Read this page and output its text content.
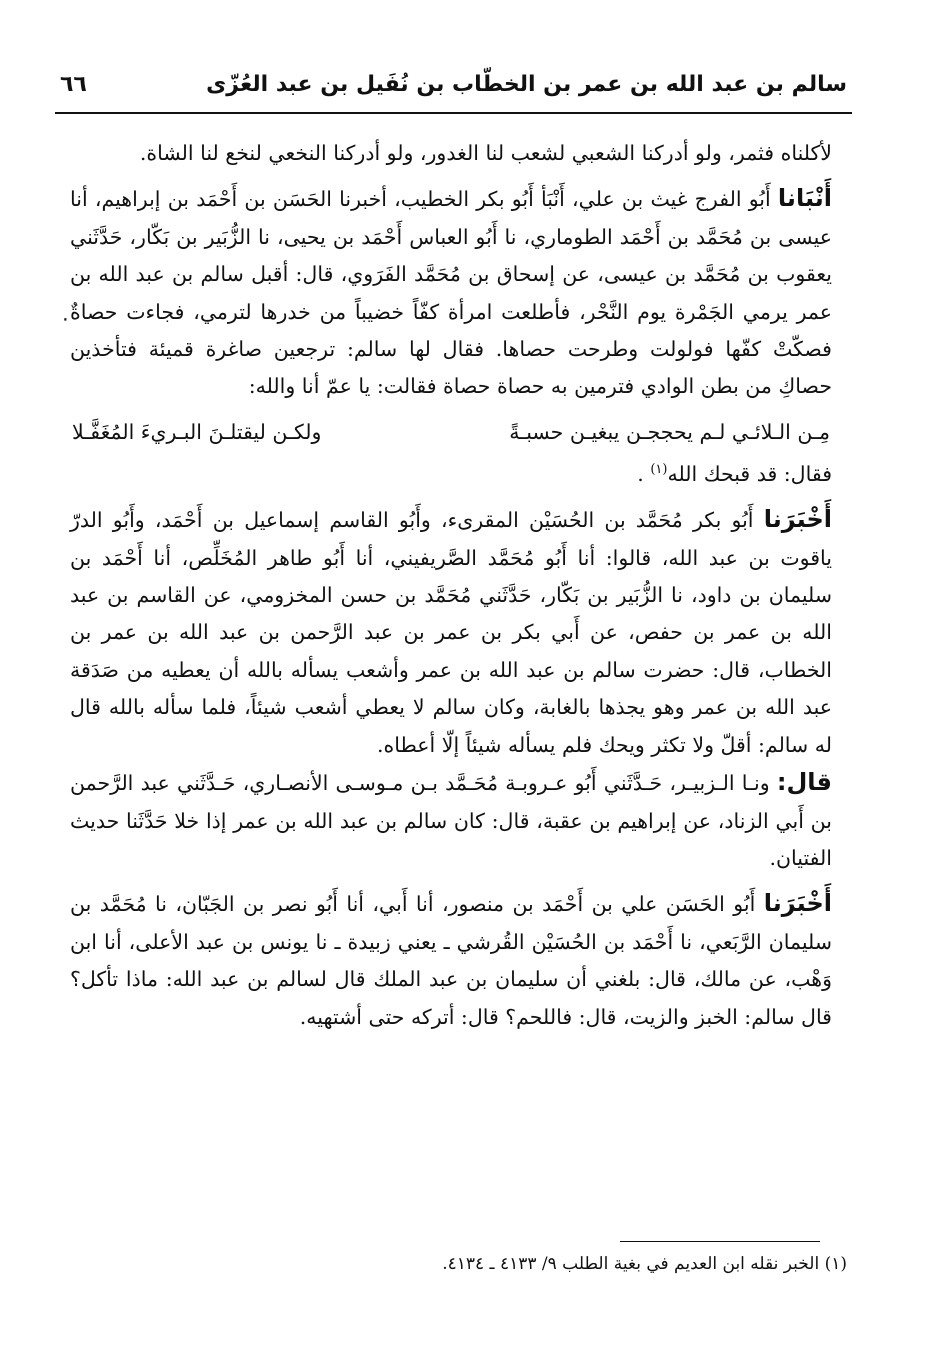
سالم بن عبد الله بن عمر بن الخطّاب بن نُفَيل بن عبد العُزّى
٦٦
٠

لأكلناه فثمر، ولو أدركنا الشعبي لشعب لنا الغدور، ولو أدركنا النخعي لنخع لنا الشاة.

أَنْبَانا أَبُو الفرج غيث بن علي، أَنْبَأ أَبُو بكر الخطيب، أخبرنا الحَسَن بن أَحْمَد بن إبراهيم، أنا عيسى بن مُحَمَّد بن أَحْمَد الطوماري، نا أَبُو العباس أَحْمَد بن يحيى، نا الزُّبَير بن بَكّار، حَدَّثَني يعقوب بن مُحَمَّد بن عيسى، عن إسحاق بن مُحَمَّد الفَرَوي، قال: أقبل سالم بن عبد الله بن عمر يرمي الجَمْرة يوم النَّحْر، فأطلعت امرأة كفّاً خضيباً من خدرها لترمي، فجاءت حصاةٌ فصكّتْ كفّها فولولت وطرحت حصاها. فقال لها سالم: ترجعين صاغرة قميئة فتأخذين حصاكِ من بطن الوادي فترمين به حصاة حصاة فقالت: يا عمّ أنا والله:

مِـن الـلائـي لـم يحججـن يبغيـن حسبـةً
ولكـن ليقتلـنَ البـريءَ المُغَفَّـلا

فقال: قد قبحك الله$^{(١)}$ .

أَخْبَرَنا أَبُو بكر مُحَمَّد بن الحُسَيْن المقرىء، وأَبُو القاسم إسماعيل بن أَحْمَد، وأَبُو الدرّ ياقوت بن عبد الله، قالوا: أنا أَبُو مُحَمَّد الصَّريفيني، أنا أَبُو طاهر المُخَلِّص، أنا أَحْمَد بن سليمان بن داود، نا الزُّبَير بن بَكّار، حَدَّثَني مُحَمَّد بن حسن المخزومي، عن القاسم بن عبد الله بن عمر بن حفص، عن أَبي بكر بن عمر بن عبد الرَّحمن بن عبد الله بن عمر بن الخطاب، قال: حضرت سالم بن عبد الله بن عمر وأشعب يسأله بالله أن يعطيه من صَدَقة عبد الله بن عمر وهو يجذها بالغابة، وكان سالم لا يعطي أشعب شيئاً، فلما سأله بالله قال له سالم: أقلّ ولا تكثر ويحك فلم يسأله شيئاً إلّا أعطاه.

قال: ونـا الـزبيـر، حَـدَّثَني أَبُو عـروبـة مُحَـمَّد بـن مـوسـى الأنصـاري، حَـدَّثَني عبد الرَّحمن بن أَبي الزناد، عن إبراهيم بن عقبة، قال: كان سالم بن عبد الله بن عمر إذا خلا حَدَّثَنا حديث الفتيان.

أَخْبَرَنا أَبُو الحَسَن علي بن أَحْمَد بن منصور، أنا أَبي، أنا أَبُو نصر بن الجَبّان، نا مُحَمَّد بن سليمان الرَّبَعي، نا أَحْمَد بن الحُسَيْن القُرشي ـ يعني زبيدة ـ نا يونس بن عبد الأعلى، أنا ابن وَهْب، عن مالك، قال: بلغني أن سليمان بن عبد الملك قال لسالم بن عبد الله: ماذا تأكل؟ قال سالم: الخبز والزيت، قال: فاللحم؟ قال: أتركه حتى أشتهيه.

(١) الخبر نقله ابن العديم في بغية الطلب ٩/ ٤١٣٣ ـ ٤١٣٤.
